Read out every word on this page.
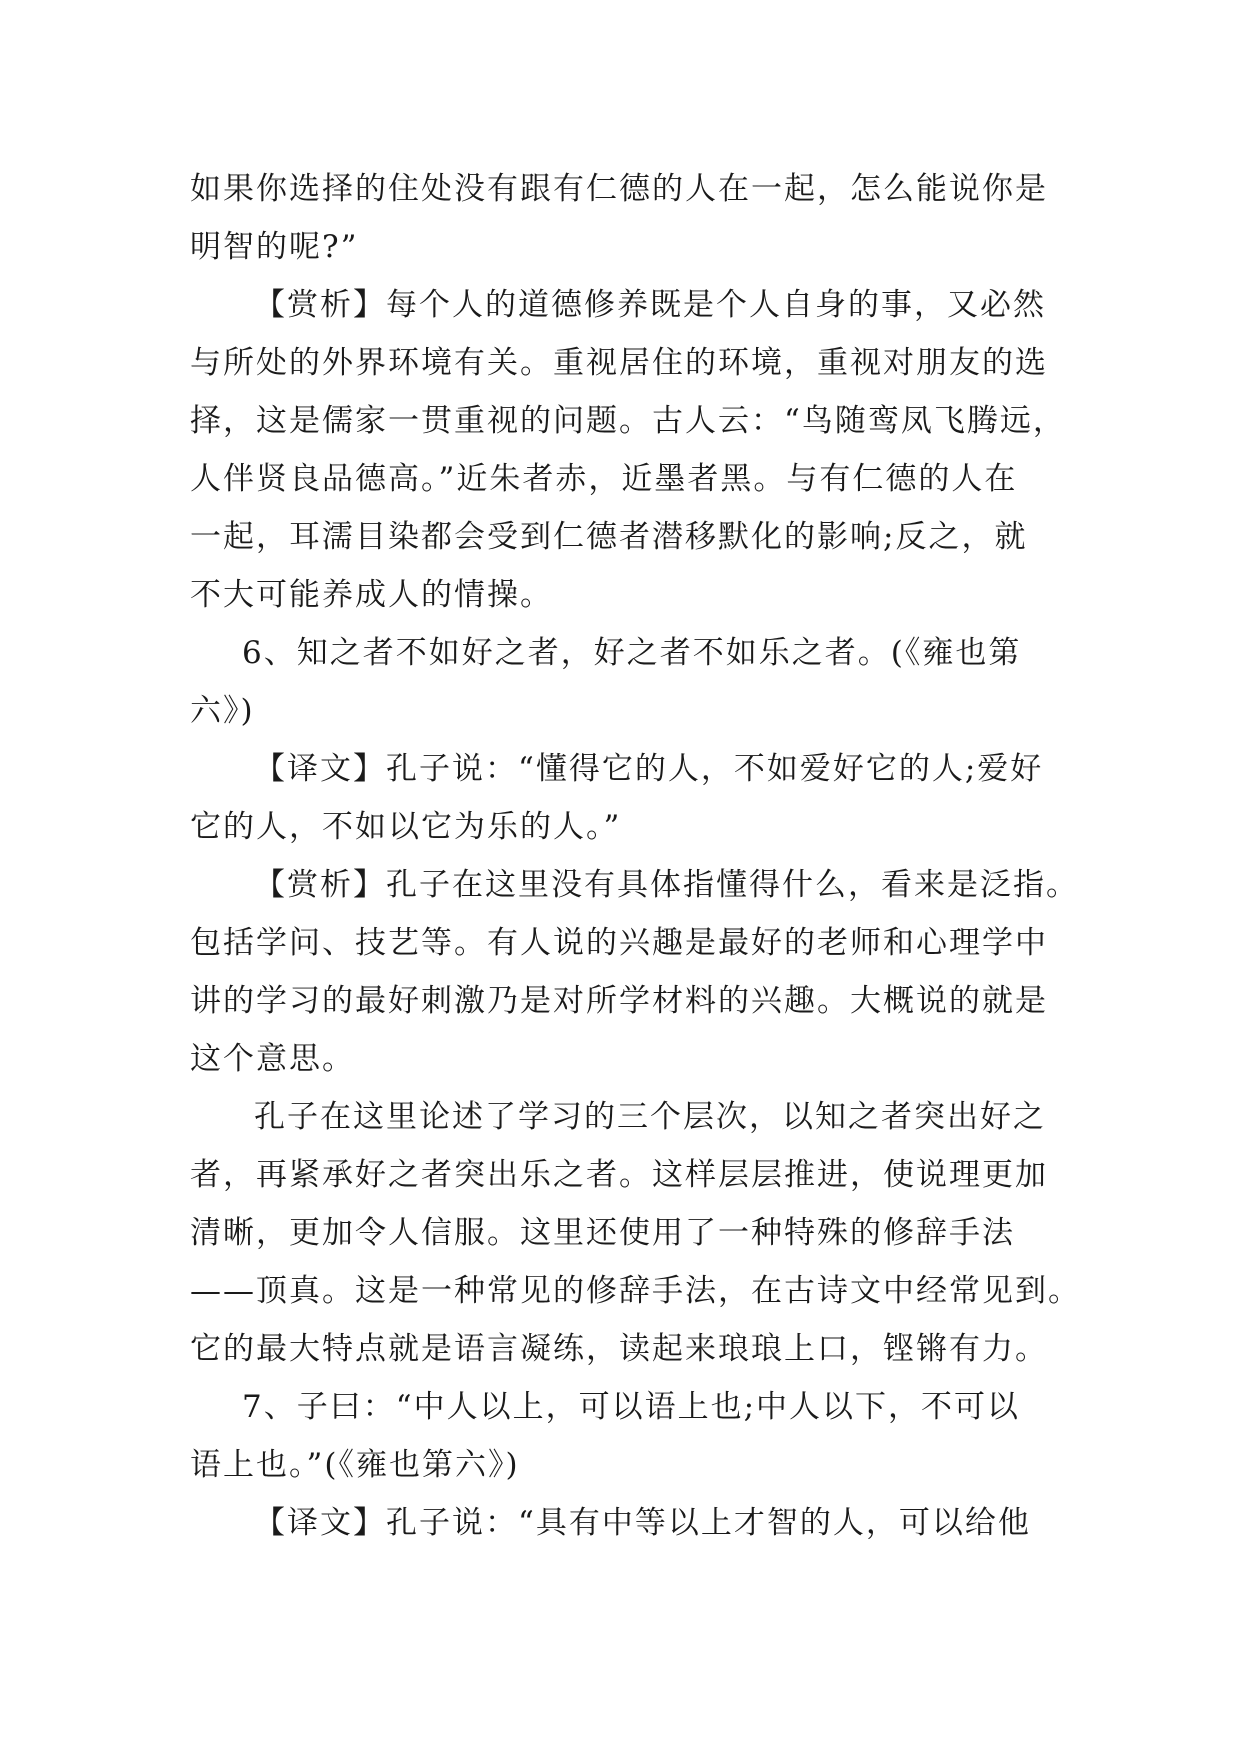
如果你选择的住处没有跟有仁德的人在一起，怎么能说你是
明智的呢?”

【赏析】每个人的道德修养既是个人自身的事，又必然
与所处的外界环境有关。重视居住的环境，重视对朋友的选
择，这是儒家一贯重视的问题。古人云：“鸟随鸾凤飞腾远，
人伴贤良品德高。”近朱者赤，近墨者黑。与有仁德的人在
一起，耳濡目染都会受到仁德者潜移默化的影响;反之，就
不大可能养成人的情操。

6、知之者不如好之者，好之者不如乐之者。(《雍也第
六》)

【译文】孔子说：“懂得它的人，不如爱好它的人;爱好
它的人，不如以它为乐的人。”

【赏析】孔子在这里没有具体指懂得什么，看来是泛指。
包括学问、技艺等。有人说的兴趣是最好的老师和心理学中
讲的学习的最好刺激乃是对所学材料的兴趣。大概说的就是
这个意思。

孔子在这里论述了学习的三个层次，以知之者突出好之
者，再紧承好之者突出乐之者。这样层层推进，使说理更加
清晰，更加令人信服。这里还使用了一种特殊的修辞手法
——顶真。这是一种常见的修辞手法，在古诗文中经常见到。
它的最大特点就是语言凝练，读起来琅琅上口，铿锵有力。

7、子曰：“中人以上，可以语上也;中人以下，不可以
语上也。”(《雍也第六》)

【译文】孔子说：“具有中等以上才智的人，可以给他
